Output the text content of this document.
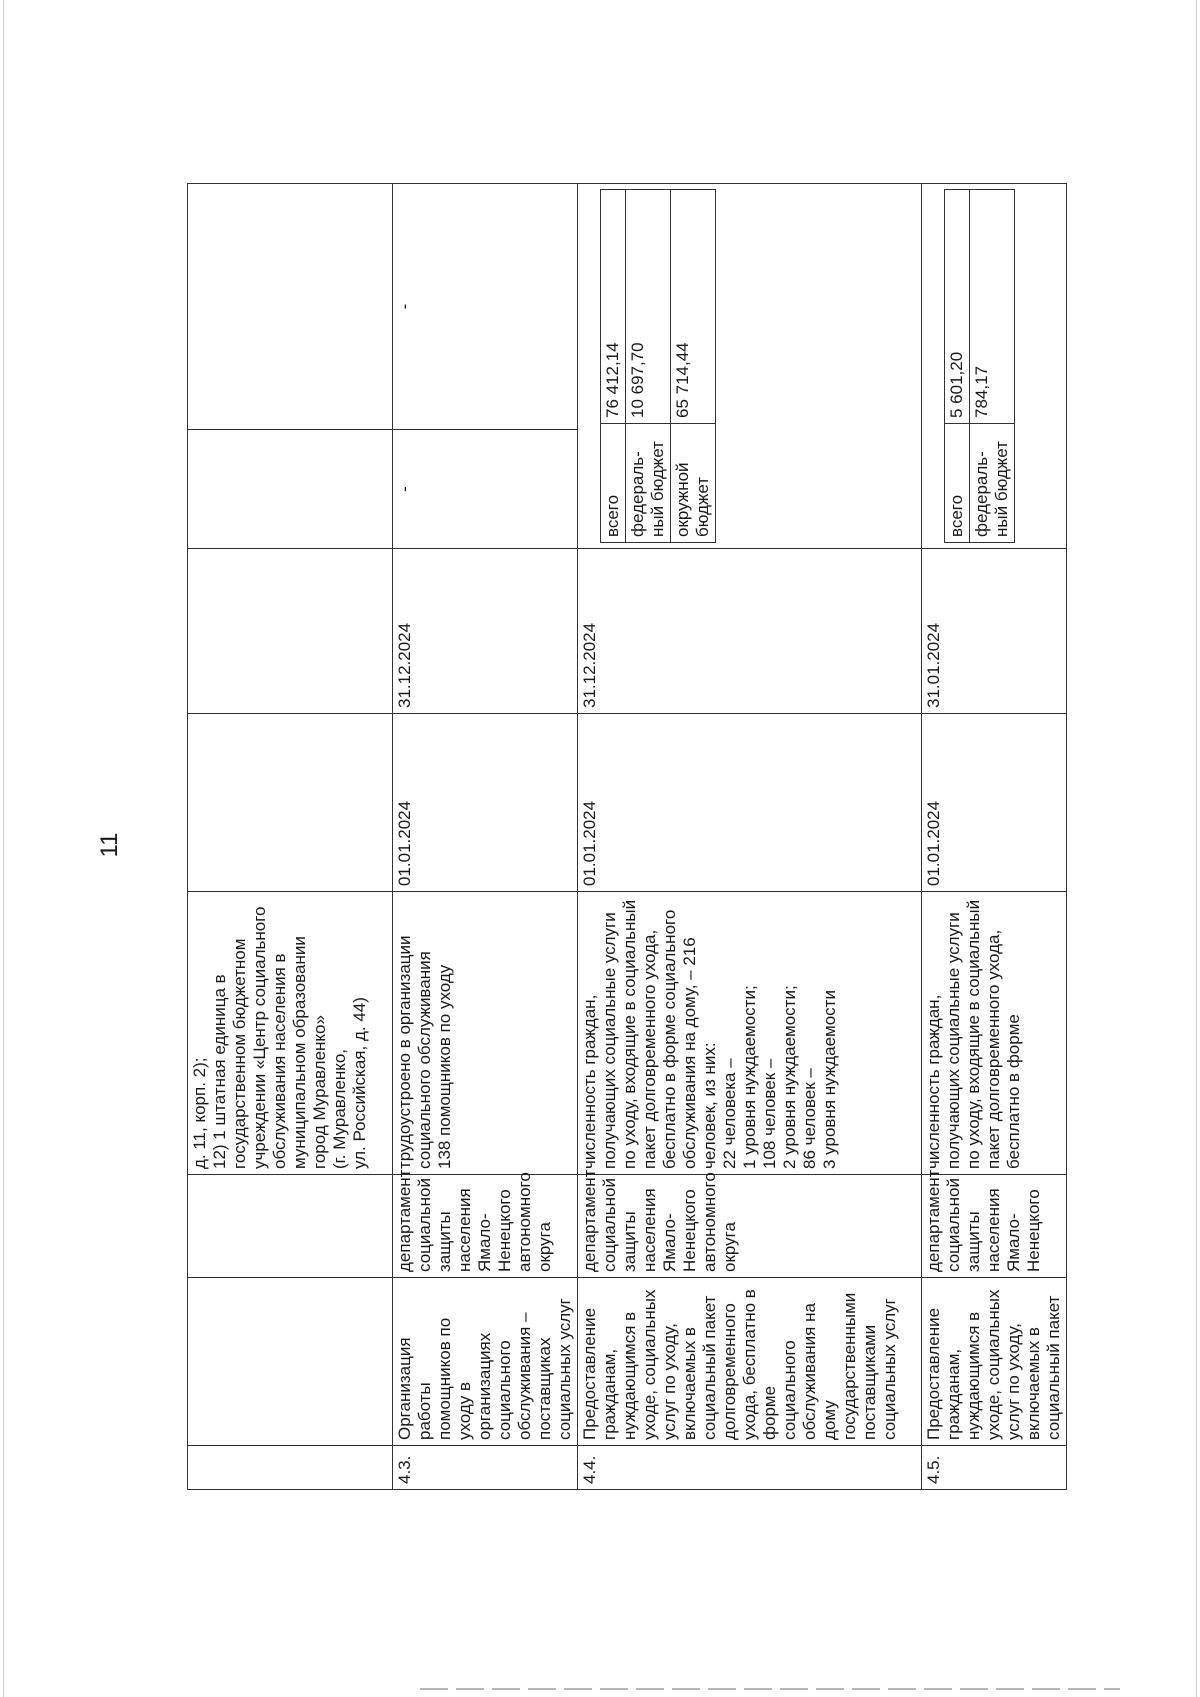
11
			д. 11, корп. 2);
12) 1 штатная единица в государственном бюджетном учреждении «Центр социального обслуживания населения в муниципальном образовании город Муравленко»
(г. Муравленко,
ул. Российская, д. 44)				
4.3.	Организация работы помощников по уходу в организациях социального обслуживания – поставщиках социальных услуг	департамент социальной защиты населения Ямало-Ненецкого автономного округа	трудоустроено в организации социального обслуживания
138 помощников по уходу	01.01.2024	31.12.2024	-	-
4.4.	Предоставление гражданам, нуждающимся в уходе, социальных услуг по уходу, включаемых в социальный пакет долговременного ухода, бесплатно в форме социального обслуживания на дому государственными поставщиками социальных услуг	департамент социальной защиты населения Ямало-Ненецкого автономного округа	численность граждан, получающих социальные услуги по уходу, входящие в социальный пакет долговременного ухода, бесплатно в форме социального обслуживания на дому, – 216 человек, из них:
22 человека –
1 уровня нуждаемости;
108 человек –
2 уровня нуждаемости;
86 человек –
3 уровня нуждаемости	01.01.2024	31.12.2024	

всего	76 412,14
федераль-ный бюджет	10 697,70
окружной бюджет	65 714,44

4.5.	Предоставление гражданам, нуждающимся в уходе, социальных услуг по уходу, включаемых в социальный пакет	департамент социальной защиты населения Ямало-Ненецкого	численность граждан, получающих социальные услуги по уходу, входящие в социальный пакет долговременного ухода, бесплатно в форме	01.01.2024	31.01.2024	

всего	5 601,20
федераль-ный бюджет	784,17
